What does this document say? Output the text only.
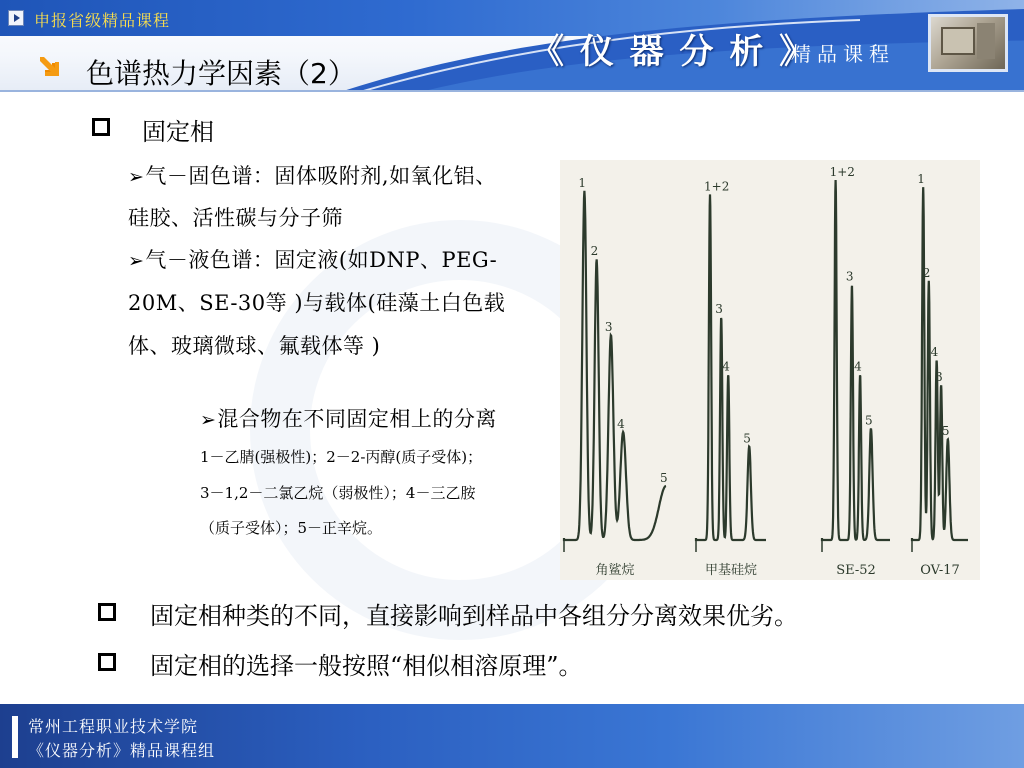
申报省级精品课程
《 仪 器 分 析 》
精品课程
色谱热力学因素（2）
固定相
➢气－固色谱：固体吸附剂,如氧化铝、
硅胶、活性碳与分子筛
➢气－液色谱：固定液(如DNP、PEG-
20M、SE-30等 )与载体(硅藻土白色载
体、玻璃微球、氟载体等 )
➢混合物在不同固定相上的分离
1－乙腈(强极性)；2－2-丙醇(质子受体)；
3－1,2－二氯乙烷（弱极性）；4－三乙胺
（质子受体）；5－正辛烷。
1
2
3
4
5
角鲨烷
1+2
3
4
5
甲基硅烷
1+2
3
4
5
SE-52
1
2
4
3
5
OV-17
固定相种类的不同，直接影响到样品中各组分分离效果优劣。
固定相的选择一般按照“相似相溶原理”。
常州工程职业技术学院
《仪器分析》精品课程组
